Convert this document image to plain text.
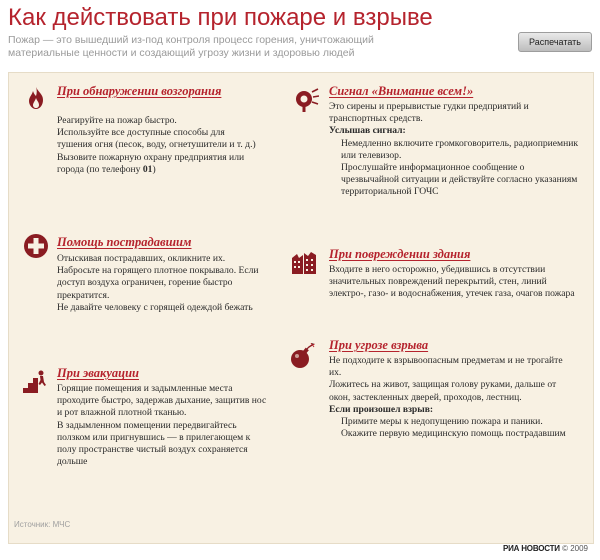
Как действовать при пожаре и взрыве
Пожар — это вышедший из-под контроля процесс горения, уничтожающий материальные ценности и создающий угрозу жизни и здоровью людей
Распечатать
При обнаружении возгорания

Реагируйте на пожар быстро.

Используйте все доступные способы для тушения огня (песок, воду, огнетушители и т. д.)

Вызовите пожарную охрану предприятия или города (по телефону 01)

Помощь пострадавшим

Отыскивая пострадавших, окликните их.

Набросьте на горящего плотное покрывало. Если доступ воздуха ограничен, горение быстро прекратится.

Не давайте человеку с горящей одеждой бежать

При эвакуации

Горящие помещения и задымленные места

проходите быстро, задержав дыхание, защитив нос и рот влажной плотной тканью.

В задымленном помещении передвигайтесь ползком или пригнувшись — в прилегающем к полу пространстве чистый воздух сохраняется дольше

Сигнал «Внимание всем!»

Это сирены и прерывистые гудки предприятий и транспортных средств.

Услышав сигнал:

Немедленно включите громкоговоритель, радиоприемник или телевизор.

Прослушайте информационное сообщение о чрезвычайной ситуации и действуйте согласно указаниям территориальной ГОЧС

При повреждении здания

Входите в него осторожно, убедившись в отсутствии значительных повреждений перекрытий, стен, линий электро-, газо- и водоснабжения, утечек газа, очагов пожара

При угрозе взрыва

Не подходите к взрывоопасным предметам и не трогайте их.

Ложитесь на живот, защищая голову руками, дальше от окон, застекленных дверей, проходов, лестниц.

Если произошел взрыв:

Примите меры к недопущению пожара и паники.

Окажите первую медицинскую помощь пострадавшим

Источник: МЧС
РИА НОВОСТИ © 2009
